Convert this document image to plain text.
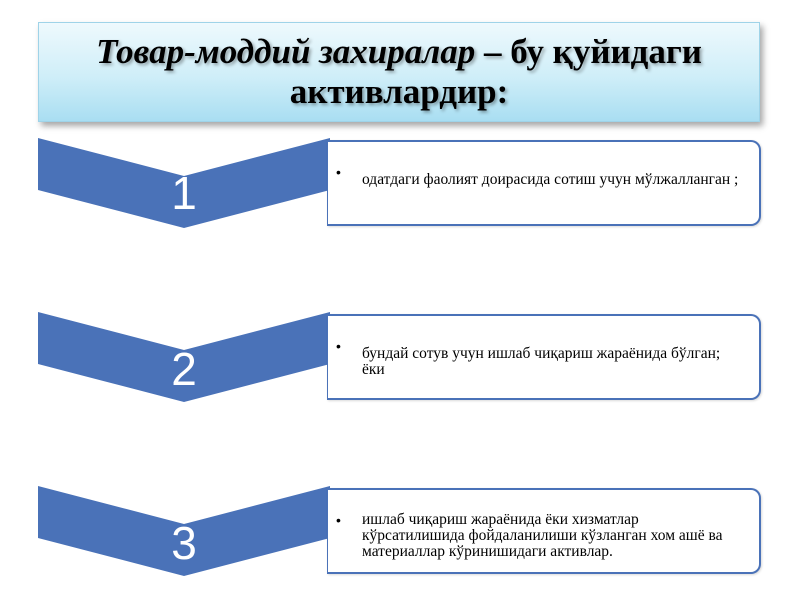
Товар-моддий захиралар – бу қуйидаги активлардир:
1	• одатдаги фаолият доирасида сотиш учун мўлжалланган ;
2	• бундай сотув учун ишлаб чиқариш жараёнида бўлган; ёки
3	• ишлаб чиқариш жараёнида ёки хизматлар кўрсатилишида фойдаланилиши кўзланган хом ашё ва материаллар кўринишидаги активлар.
